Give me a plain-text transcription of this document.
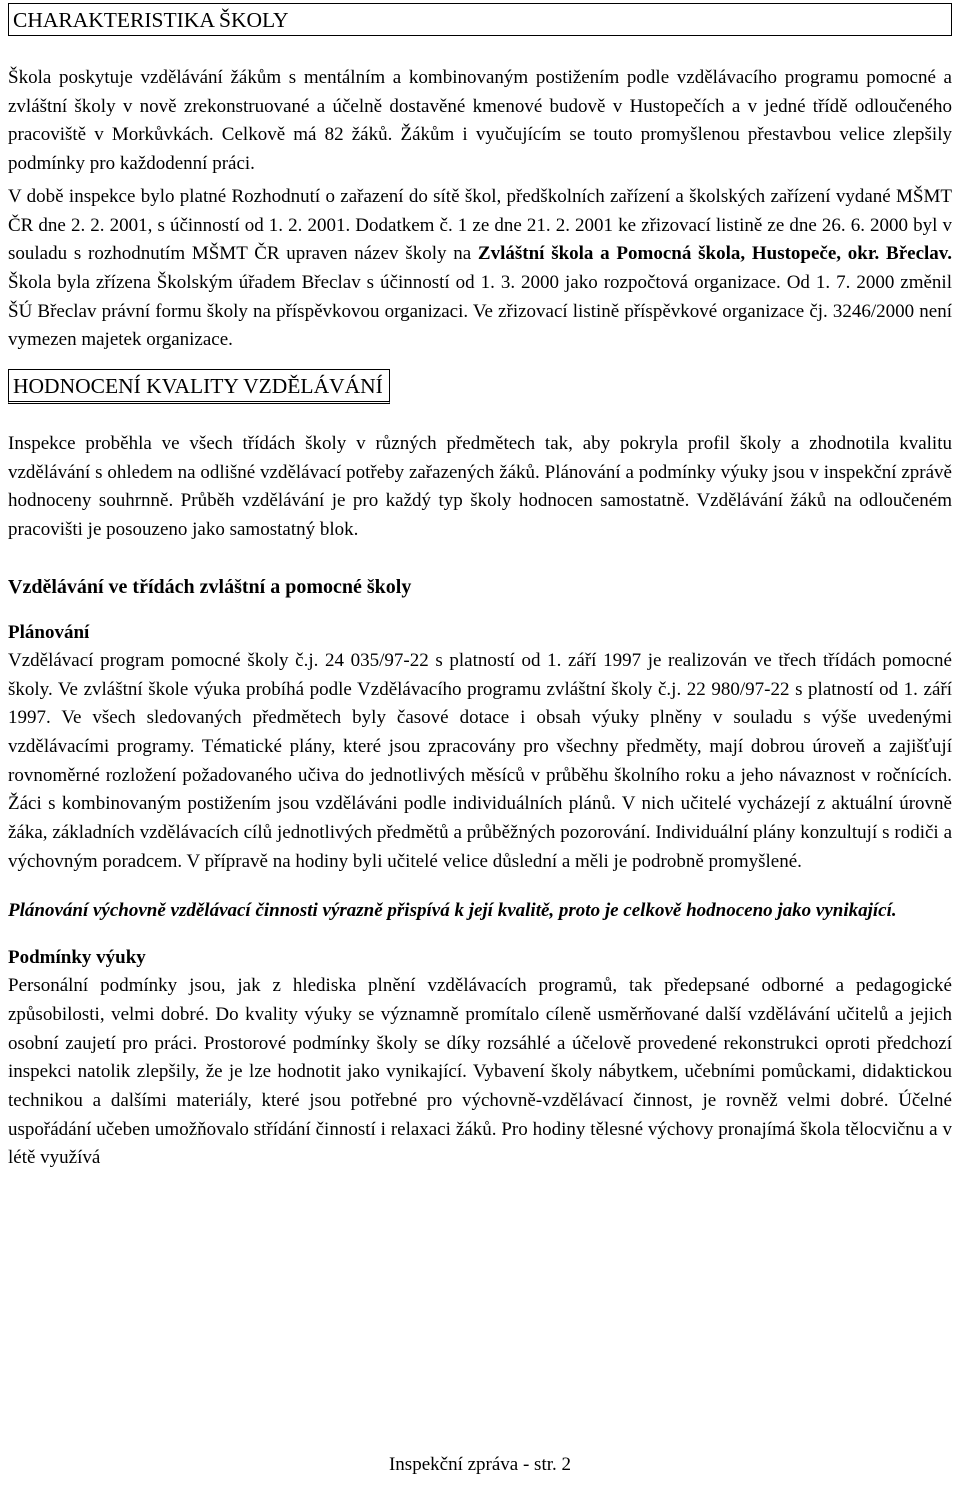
CHARAKTERISTIKA ŠKOLY

Škola poskytuje vzdělávání žákům s mentálním a kombinovaným postižením podle vzdělávacího programu pomocné a zvláštní školy v nově zrekonstruované a účelně dostavěné kmenové budově v Hustopečích a v jedné třídě odloučeného pracoviště v Morkůvkách. Celkově má 82 žáků. Žákům i vyučujícím se touto promyšlenou přestavbou velice zlepšily podmínky pro každodenní práci.

V době inspekce bylo platné Rozhodnutí o zařazení do sítě škol, předškolních zařízení a školských zařízení vydané MŠMT ČR dne 2. 2. 2001, s účinností od 1. 2. 2001. Dodatkem č. 1 ze dne 21. 2. 2001 ke zřizovací listině ze dne 26. 6. 2000 byl v souladu s rozhodnutím MŠMT ČR upraven název školy na Zvláštní škola a Pomocná škola, Hustopeče, okr. Břeclav. Škola byla zřízena Školským úřadem Břeclav s účinností od 1. 3. 2000 jako rozpočtová organizace. Od 1. 7. 2000 změnil ŠÚ Břeclav právní formu školy na příspěvkovou organizaci. Ve zřizovací listině příspěvkové organizace čj. 3246/2000 není vymezen majetek organizace.

HODNOCENÍ KVALITY VZDĚLÁVÁNÍ

Inspekce proběhla ve všech třídách školy v různých předmětech tak, aby pokryla profil školy a zhodnotila kvalitu vzdělávání s ohledem na odlišné vzdělávací potřeby zařazených žáků. Plánování a podmínky výuky jsou v inspekční zprávě hodnoceny souhrnně. Průběh vzdělávání je pro každý typ školy hodnocen samostatně. Vzdělávání žáků na odloučeném pracovišti je posouzeno jako samostatný blok.

Vzdělávání ve třídách zvláštní a pomocné školy
Plánování

Vzdělávací program pomocné školy č.j. 24 035/97-22 s platností od 1. září 1997 je realizován ve třech třídách pomocné školy. Ve zvláštní škole výuka probíhá podle Vzdělávacího programu zvláštní školy č.j. 22 980/97-22 s platností od 1. září 1997. Ve všech sledovaných předmětech byly časové dotace i obsah výuky plněny v souladu s výše uvedenými vzdělávacími programy. Tématické plány, které jsou zpracovány pro všechny předměty, mají dobrou úroveň a zajišťují rovnoměrné rozložení požadovaného učiva do jednotlivých měsíců v průběhu školního roku a jeho návaznost v ročnících. Žáci s kombinovaným postižením jsou vzděláváni podle individuálních plánů. V nich učitelé vycházejí z aktuální úrovně žáka, základních vzdělávacích cílů jednotlivých předmětů a průběžných pozorování. Individuální plány konzultují s rodiči a výchovným poradcem. V přípravě na hodiny byli učitelé velice důslední a měli je podrobně promyšlené.

Plánování výchovně vzdělávací činnosti výrazně přispívá k její kvalitě, proto je celkově hodnoceno jako vynikající.

Podmínky výuky

Personální podmínky jsou, jak z hlediska plnění vzdělávacích programů, tak předepsané odborné a pedagogické způsobilosti, velmi dobré. Do kvality výuky se významně promítalo cíleně usměrňované další vzdělávání učitelů a jejich osobní zaujetí pro práci. Prostorové podmínky školy se díky rozsáhlé a účelově provedené rekonstrukci oproti předchozí inspekci natolik zlepšily, že je lze hodnotit jako vynikající. Vybavení školy nábytkem, učebními pomůckami, didaktickou technikou a dalšími materiály, které jsou potřebné pro výchovně-vzdělávací činnost, je rovněž velmi dobré. Účelné uspořádání učeben umožňovalo střídání činností i relaxaci žáků. Pro hodiny tělesné výchovy pronajímá škola tělocvičnu a v létě využívá

Inspekční zpráva - str. 2
